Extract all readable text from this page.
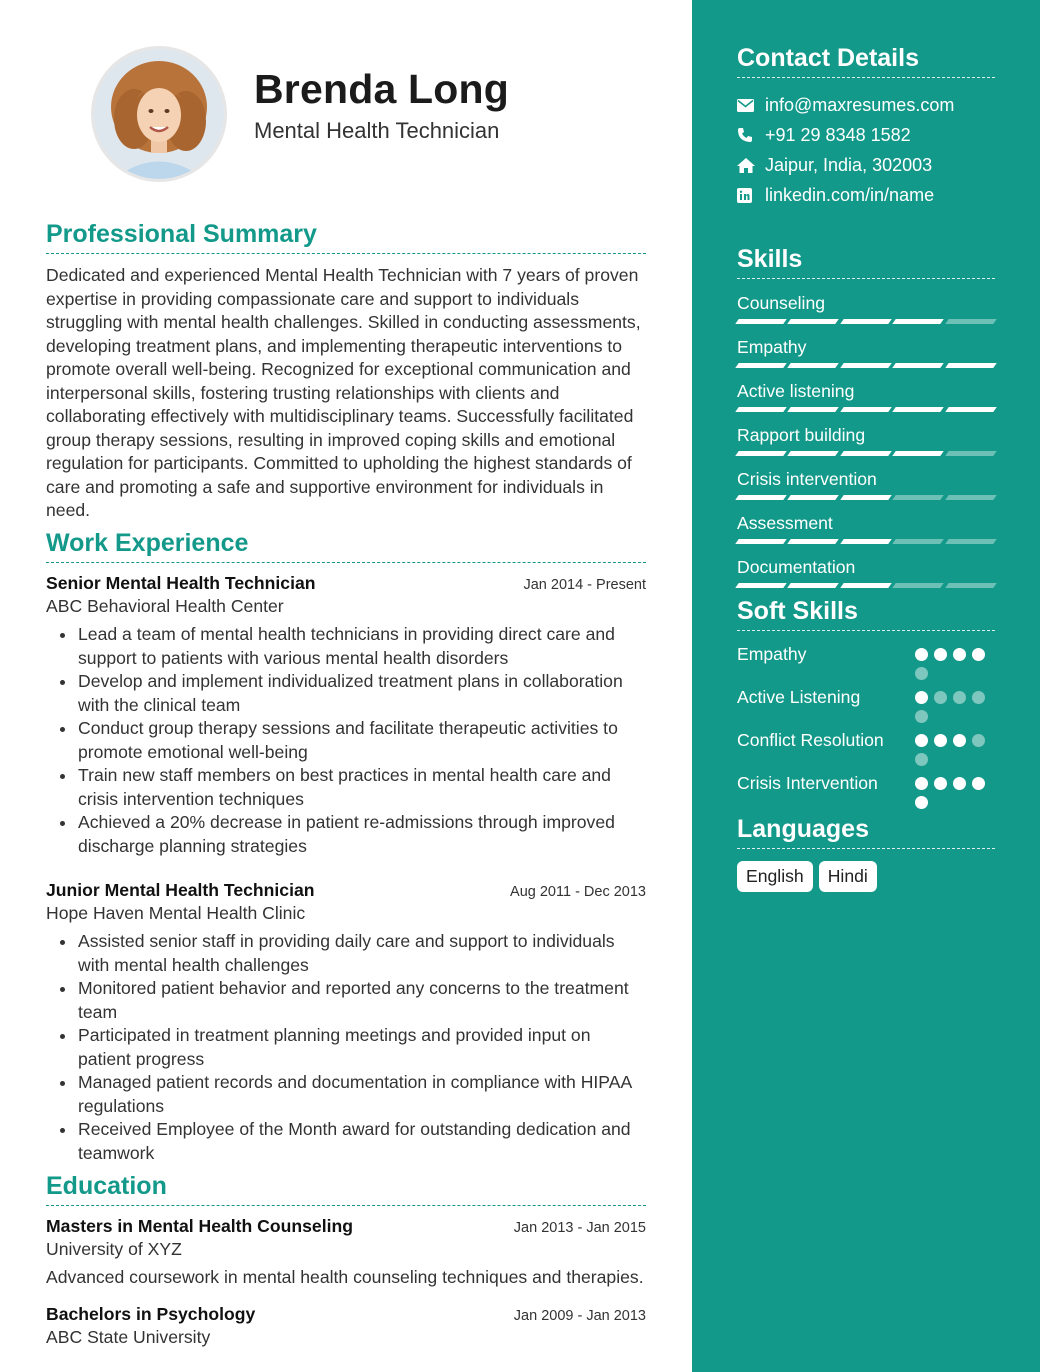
Brenda Long
Mental Health Technician
Professional Summary

Dedicated and experienced Mental Health Technician with 7 years of proven expertise in providing compassionate care and support to individuals struggling with mental health challenges. Skilled in conducting assessments, developing treatment plans, and implementing therapeutic interventions to promote overall well-being. Recognized for exceptional communication and interpersonal skills, fostering trusting relationships with clients and collaborating effectively with multidisciplinary teams. Successfully facilitated group therapy sessions, resulting in improved coping skills and emotional regulation for participants. Committed to upholding the highest standards of care and promoting a safe and supportive environment for individuals in need.

Work Experience
Senior Mental Health Technician	Jan 2014 - Present
ABC Behavioral Health Center
Lead a team of mental health technicians in providing direct care and support to patients with various mental health disorders
Develop and implement individualized treatment plans in collaboration with the clinical team
Conduct group therapy sessions and facilitate therapeutic activities to promote emotional well-being
Train new staff members on best practices in mental health care and crisis intervention techniques
Achieved a 20% decrease in patient re-admissions through improved discharge planning strategies
Junior Mental Health Technician	Aug 2011 - Dec 2013
Hope Haven Mental Health Clinic
Assisted senior staff in providing daily care and support to individuals with mental health challenges
Monitored patient behavior and reported any concerns to the treatment team
Participated in treatment planning meetings and provided input on patient progress
Managed patient records and documentation in compliance with HIPAA regulations
Received Employee of the Month award for outstanding dedication and teamwork
Education
Masters in Mental Health Counseling	Jan 2013 - Jan 2015
University of XYZ
Advanced coursework in mental health counseling techniques and therapies.
Bachelors in Psychology	Jan 2009 - Jan 2013
ABC State University
Contact Details
info@maxresumes.com
+91 29 8348 1582
Jaipur, India, 302003
linkedin.com/in/name
Skills
Counseling
Empathy
Active listening
Rapport building
Crisis intervention
Assessment
Documentation
Soft Skills
Empathy
Active Listening
Conflict Resolution
Crisis Intervention
Languages
English	Hindi
